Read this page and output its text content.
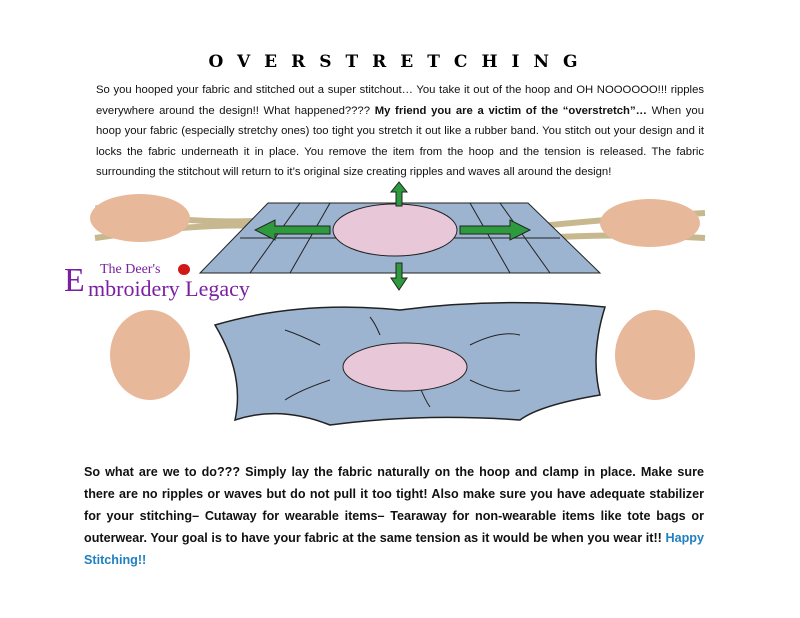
OVERSTRETCHING
So you hooped your fabric and stitched out a super stitchout… You take it out of the hoop and OH NOOOOOO!!! ripples everywhere around the design!! What happened???? My friend you are a victim of the “overstretch”… When you hoop your fabric (especially stretchy ones) too tight you stretch it out like a rubber band. You stitch out your design and it locks the fabric underneath it in place. You remove the item from the hoop and the tension is released. The fabric surrounding the stitchout will return to it’s original size creating ripples and waves all around the design!
E The Deer's
mbroidery Legacy
So what are we to do??? Simply lay the fabric naturally on the hoop and clamp in place. Make sure there are no ripples or waves but do not pull it too tight! Also make sure you have adequate stabilizer for your stitching– Cutaway for wearable items– Tearaway for non-wearable items like tote bags or outerwear. Your goal is to have your fabric at the same tension as it would be when you wear it!! Happy Stitching!!
